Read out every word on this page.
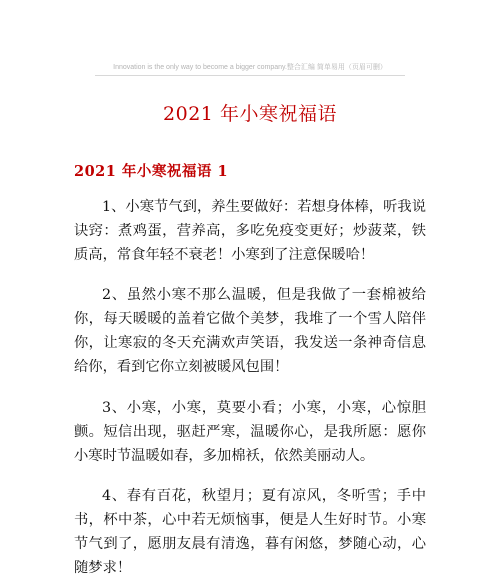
Innovation is the only way to become a bigger company.整合汇编 简单易用（页眉可删）
2021 年小寒祝福语
2021 年小寒祝福语 1

1、小寒节气到，养生要做好：若想身体棒，听我说诀窍：煮鸡蛋，营养高，多吃免疫变更好；炒菠菜，铁质高，常食年轻不衰老！小寒到了注意保暖哈！

2、虽然小寒不那么温暖，但是我做了一套棉被给你，每天暖暖的盖着它做个美梦，我堆了一个雪人陪伴你，让寒寂的冬天充满欢声笑语，我发送一条神奇信息给你，看到它你立刻被暖风包围！

3、小寒，小寒，莫要小看；小寒，小寒，心惊胆颤。短信出现，驱赶严寒，温暖你心，是我所愿：愿你小寒时节温暖如春，多加棉袄，依然美丽动人。

4、春有百花，秋望月；夏有凉风，冬听雪；手中书，杯中茶，心中若无烦恼事，便是人生好时节。小寒节气到了，愿朋友晨有清逸，暮有闲悠，梦随心动，心随梦求！
